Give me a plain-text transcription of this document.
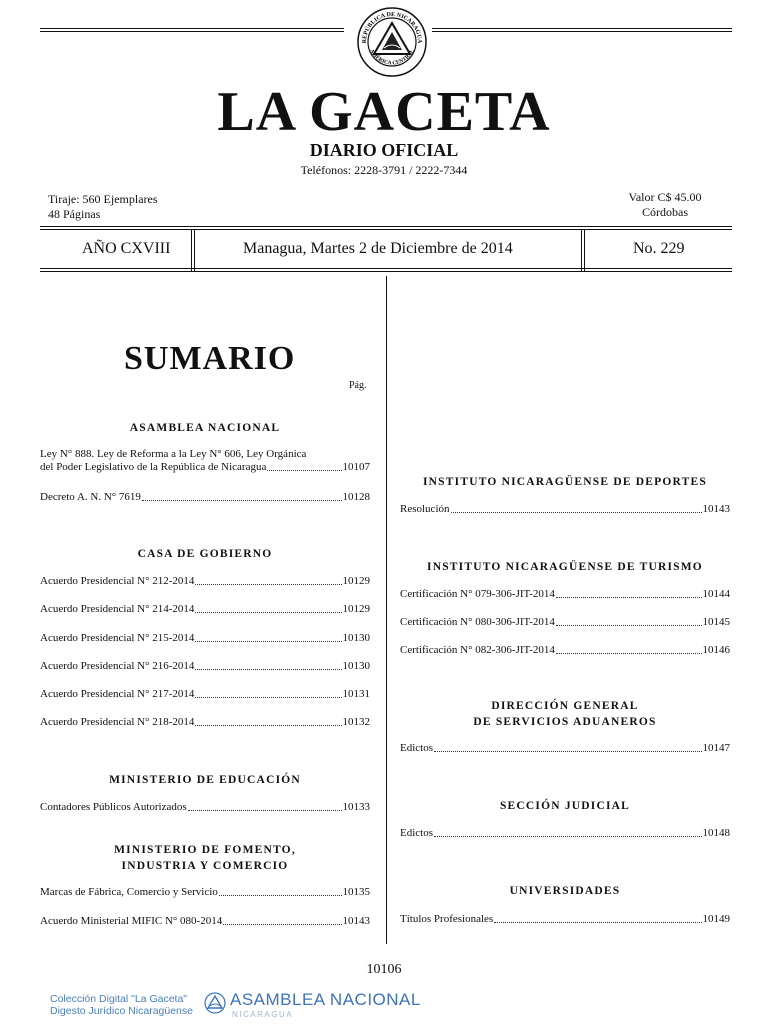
REPÚBLICA DE NICARAGUA
AMÉRICA CENTRAL
LA GACETA
DIARIO OFICIAL
Teléfonos: 2228-3791 / 2222-7344
Tiraje: 560 Ejemplares
48 Páginas
Valor C$ 45.00
Córdobas
AÑO CXVIII	Managua, Martes 2 de Diciembre de 2014	No. 229
SUMARIO
Pág.
ASAMBLEA NACIONAL
Ley N° 888. Ley de Reforma a la Ley N° 606, Ley Orgánica
del Poder Legislativo de la República de Nicaragua	10107
Decreto A. N. N° 7619	10128
CASA DE GOBIERNO
Acuerdo Presidencial N° 212-2014	10129
Acuerdo Presidencial N° 214-2014	10129
Acuerdo Presidencial N° 215-2014	10130
Acuerdo Presidencial N° 216-2014	10130
Acuerdo Presidencial N° 217-2014	10131
Acuerdo Presidencial N° 218-2014	10132
MINISTERIO DE EDUCACIÓN
Contadores Públicos Autorizados	10133
MINISTERIO DE FOMENTO,
INDUSTRIA Y COMERCIO
Marcas de Fábrica, Comercio y Servicio	10135
Acuerdo Ministerial MIFIC N° 080-2014	10143
INSTITUTO NICARAGÜENSE DE DEPORTES
Resolución	10143
INSTITUTO NICARAGÜENSE DE TURISMO
Certificación N° 079-306-JIT-2014	10144
Certificación N° 080-306-JIT-2014	10145
Certificación N° 082-306-JIT-2014	10146
DIRECCIÓN GENERAL
DE SERVICIOS ADUANEROS
Edictos	10147
SECCIÓN JUDICIAL
Edictos	10148
UNIVERSIDADES
Títulos Profesionales	10149
10106
Colección Digital "La Gaceta"
Digesto Jurídico Nicaragüense
ASAMBLEA NACIONAL
NICARAGUA
